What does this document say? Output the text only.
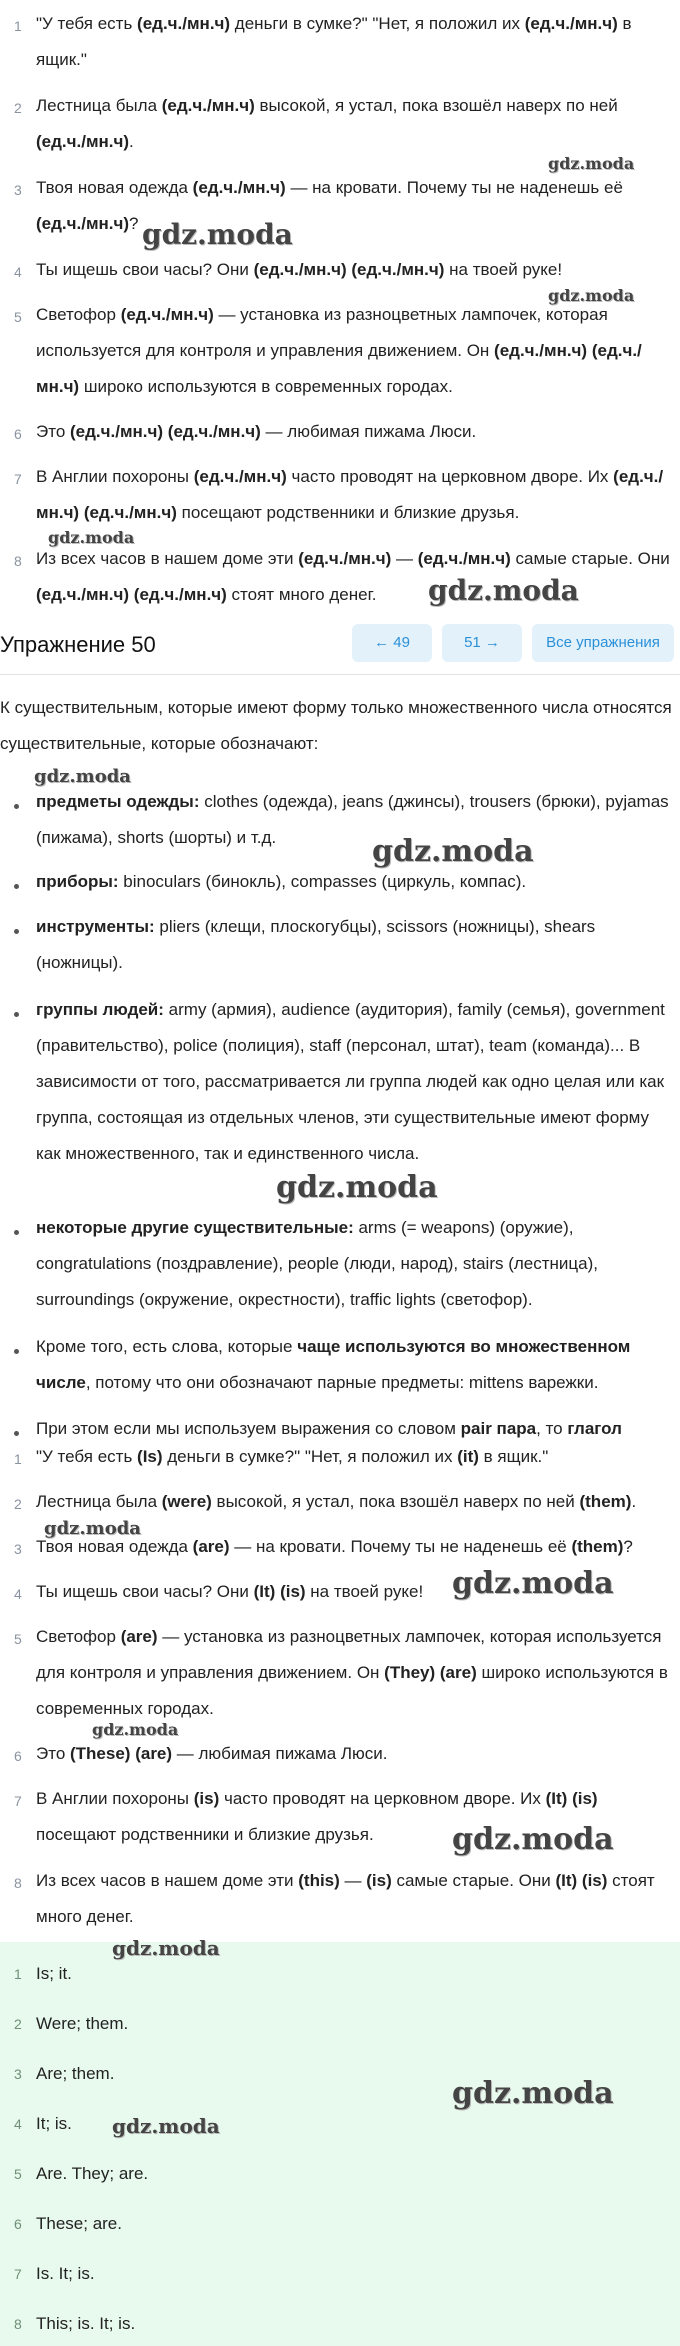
1 "У тебя есть (ед.ч./мн.ч) деньги в сумке?" "Нет, я положил их (ед.ч./мн.ч) в ящик."
2 Лестница была (ед.ч./мн.ч) высокой, я устал, пока взошёл наверх по ней (ед.ч./мн.ч).
3 Твоя новая одежда (ед.ч./мн.ч) — на кровати. Почему ты не наденешь её (ед.ч./мн.ч)?
4 Ты ищешь свои часы? Они (ед.ч./мн.ч) (ед.ч./мн.ч) на твоей руке!
5 Светофор (ед.ч./мн.ч) — установка из разноцветных лампочек, которая используется для контроля и управления движением. Он (ед.ч./мн.ч) (ед.ч./мн.ч) широко используются в современных городах.
6 Это (ед.ч./мн.ч) (ед.ч./мн.ч) — любимая пижама Люси.
7 В Англии похороны (ед.ч./мн.ч) часто проводят на церковном дворе. Их (ед.ч./мн.ч) (ед.ч./мн.ч) посещают родственники и близкие друзья.
8 Из всех часов в нашем доме эти (ед.ч./мн.ч) — (ед.ч./мн.ч) самые старые. Они (ед.ч./мн.ч) (ед.ч./мн.ч) стоят много денег.
Упражнение 50	← 49	51 →	Все упражнения
К существительным, которые имеют форму только множественного числа относятся существительные, которые обозначают:
предметы одежды: clothes (одежда), jeans (джинсы), trousers (брюки), pyjamas (пижама), shorts (шорты) и т.д.
приборы: binoculars (бинокль), compasses (циркуль, компас).
инструменты: pliers (клещи, плоскогубцы), scissors (ножницы), shears (ножницы).
группы людей: army (армия), audience (аудитория), family (семья), government (правительство), police (полиция), staff (персонал, штат), team (команда)... В зависимости от того, рассматривается ли группа людей как одно целая или как группа, состоящая из отдельных членов, эти существительные имеют форму как множественного, так и единственного числа.
некоторые другие существительные: arms (= weapons) (оружие), congratulations (поздравление), people (люди, народ), stairs (лестница), surroundings (окружение, окрестности), traffic lights (светофор).
Кроме того, есть слова, которые чаще используются во множественном числе, потому что они обозначают парные предметы: mittens варежки.
При этом если мы используем выражения со словом pair пара, то глагол
1 "У тебя есть (Is) деньги в сумке?" "Нет, я положил их (it) в ящик."
2 Лестница была (were) высокой, я устал, пока взошёл наверх по ней (them).
3 Твоя новая одежда (are) — на кровати. Почему ты не наденешь её (them)?
4 Ты ищешь свои часы? Они (It) (is) на твоей руке!
5 Светофор (are) — установка из разноцветных лампочек, которая используется для контроля и управления движением. Он (They) (are) широко используются в современных городах.
6 Это (These) (are) — любимая пижама Люси.
7 В Англии похороны (is) часто проводят на церковном дворе. Их (It) (is) посещают родственники и близкие друзья.
8 Из всех часов в нашем доме эти (this) — (is) самые старые. Они (It) (is) стоят много денег.
1 Is; it.
2 Were; them.
3 Are; them.
4 It; is.
5 Are. They; are.
6 These; are.
7 Is. It; is.
8 This; is. It; is.
gdz.moda
gdz.moda
gdz.moda
gdz.moda
gdz.moda
gdz.moda
gdz.moda
gdz.moda
gdz.moda
gdz.moda
gdz.moda
gdz.moda
gdz.moda
gdz.moda
gdz.moda
